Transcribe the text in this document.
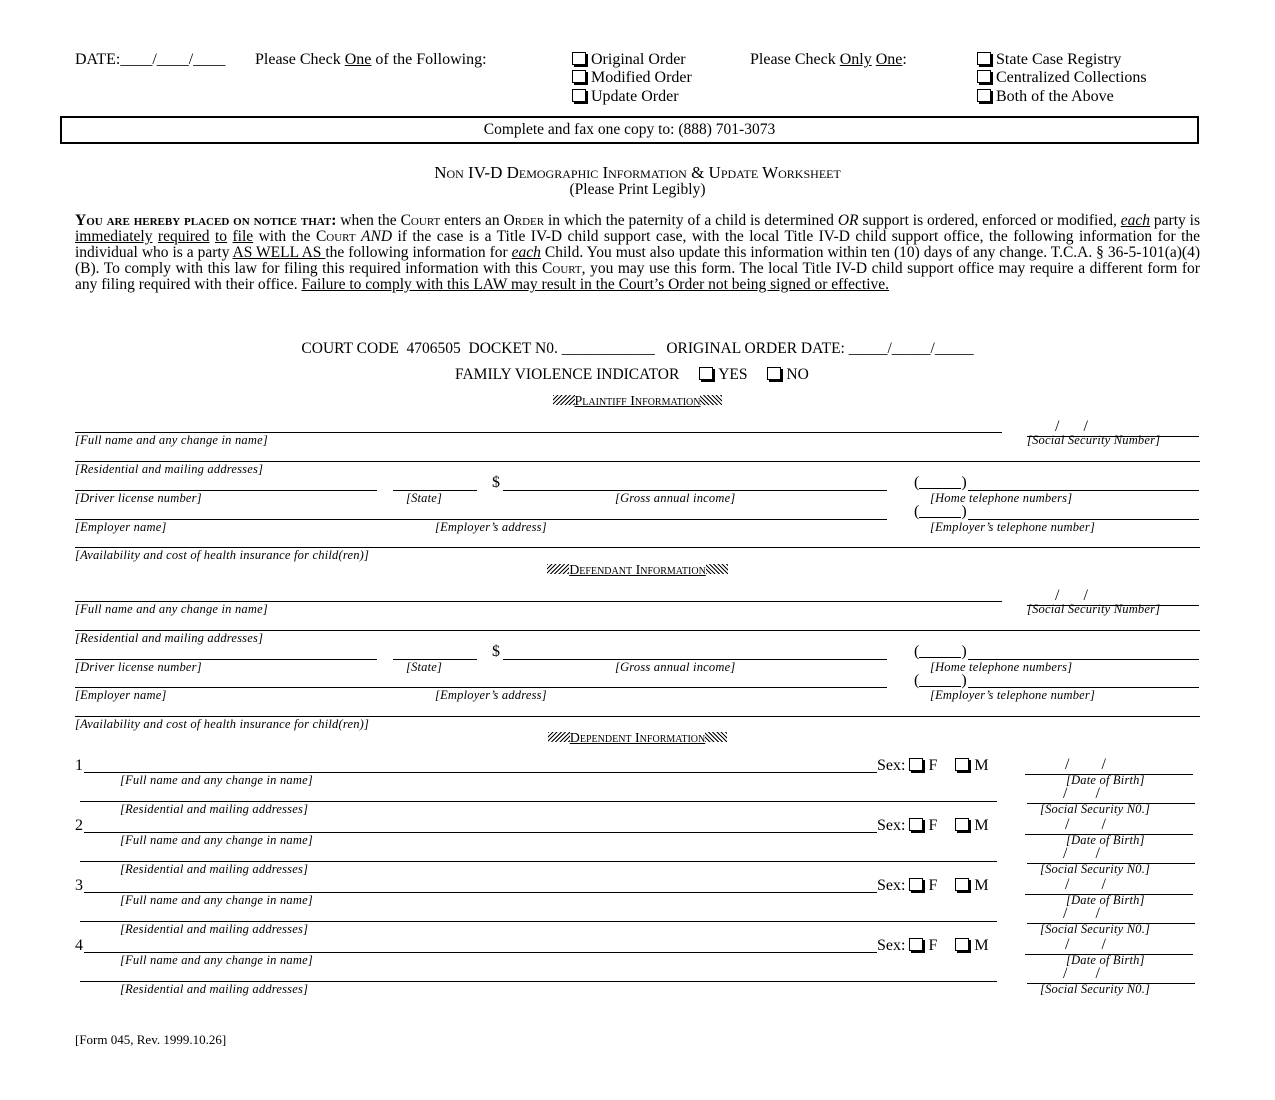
DATE:____/____/____ Please Check One of the Following:	Original Order
Modified Order
Update Order
Please Check Only One:	State Case Registry
Centralized Collections
Both of the Above
Complete and fax one copy to: (888) 701-3073
Non IV-D Demographic Information & Update Worksheet
(Please Print Legibly)
You are hereby placed on notice that: when the Court enters an Order in which the paternity of a child is determined OR support is ordered, enforced or modified, each party is immediately required to file with the Court AND if the case is a Title IV-D child support case, with the local Title IV-D child support office, the following information for the individual who is a party AS WELL AS the following information for each Child. You must also update this information within ten (10) days of any change. T.C.A. § 36-5-101(a)(4)(B). To comply with this law for filing this required information with this Court, you may use this form. The local Title IV-D child support office may require a different form for any filing required with their office. Failure to comply with this LAW may result in the Court’s Order not being signed or effective.
COURT CODE  4706505  DOCKET N0. ____________   ORIGINAL ORDER DATE: _____/_____/_____
FAMILY VIOLENCE INDICATOR	YES	NO
Plaintiff Information
/ /
[Full name and any change in name]	[Social Security Number]
[Residential and mailing addresses]
$	(	)
[Driver license number]	[State]	[Gross annual income]	[Home telephone numbers]
(	)
[Employer name]	[Employer’s address]	[Employer’s telephone number]
[Availability and cost of health insurance for child(ren)]
Defendant Information
/ /
[Full name and any change in name]	[Social Security Number]
[Residential and mailing addresses]
$	(	)
[Driver license number]	[State]	[Gross annual income]	[Home telephone numbers]
(	)
[Employer name]	[Employer’s address]	[Employer’s telephone number]
[Availability and cost of health insurance for child(ren)]
Dependent Information
1	Sex: F M	/ /
[Full name and any change in name]	[Date of Birth]
/ /
[Residential and mailing addresses]	[Social Security N0.]
2	Sex: F M	/ /
[Full name and any change in name]	[Date of Birth]
/ /
[Residential and mailing addresses]	[Social Security N0.]
3	Sex: F M	/ /
[Full name and any change in name]	[Date of Birth]
/ /
[Residential and mailing addresses]	[Social Security N0.]
4	Sex: F M	/ /
[Full name and any change in name]	[Date of Birth]
/ /
[Residential and mailing addresses]	[Social Security N0.]
[Form 045, Rev. 1999.10.26]
